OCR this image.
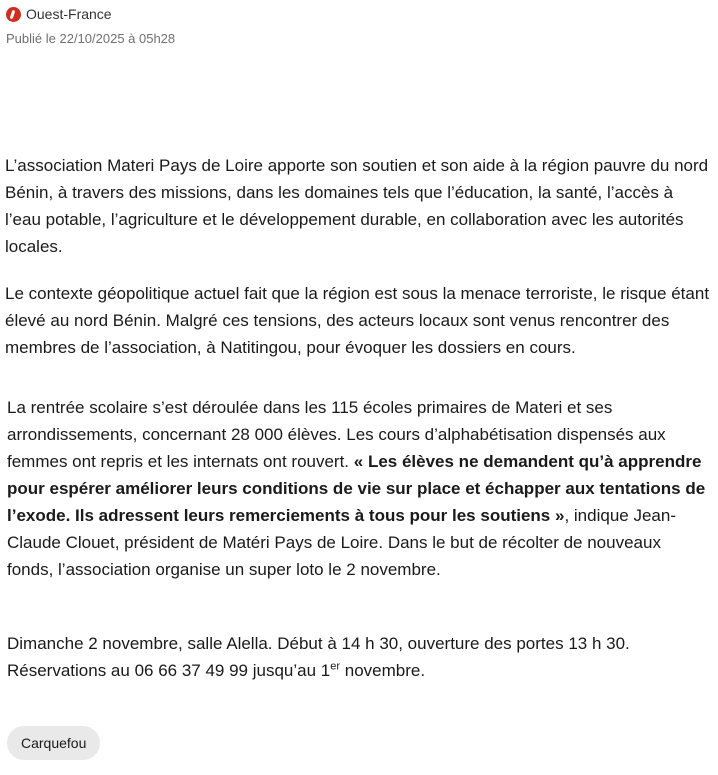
Ouest-France
Publié le 22/10/2025 à 05h28

L’association Materi Pays de Loire apporte son soutien et son aide à la région pauvre du nord Bénin, à travers des missions, dans les domaines tels que l’éducation, la santé, l’accès à l’eau potable, l’agriculture et le développement durable, en collaboration avec les autorités locales.

Le contexte géopolitique actuel fait que la région est sous la menace terroriste, le risque étant élevé au nord Bénin. Malgré ces tensions, des acteurs locaux sont venus rencontrer des membres de l’association, à Natitingou, pour évoquer les dossiers en cours.

La rentrée scolaire s’est déroulée dans les 115 écoles primaires de Materi et ses arrondissements, concernant 28 000 élèves. Les cours d’alphabétisation dispensés aux femmes ont repris et les internats ont rouvert. « Les élèves ne demandent qu’à apprendre pour espérer améliorer leurs conditions de vie sur place et échapper aux tentations de l’exode. Ils adressent leurs remerciements à tous pour les soutiens », indique Jean-Claude Clouet, président de Matéri Pays de Loire. Dans le but de récolter de nouveaux fonds, l’association organise un super loto le 2 novembre.

Dimanche 2 novembre, salle Alella. Début à 14 h 30, ouverture des portes 13 h 30. Réservations au 06 66 37 49 99 jusqu’au 1er novembre.

Carquefou
